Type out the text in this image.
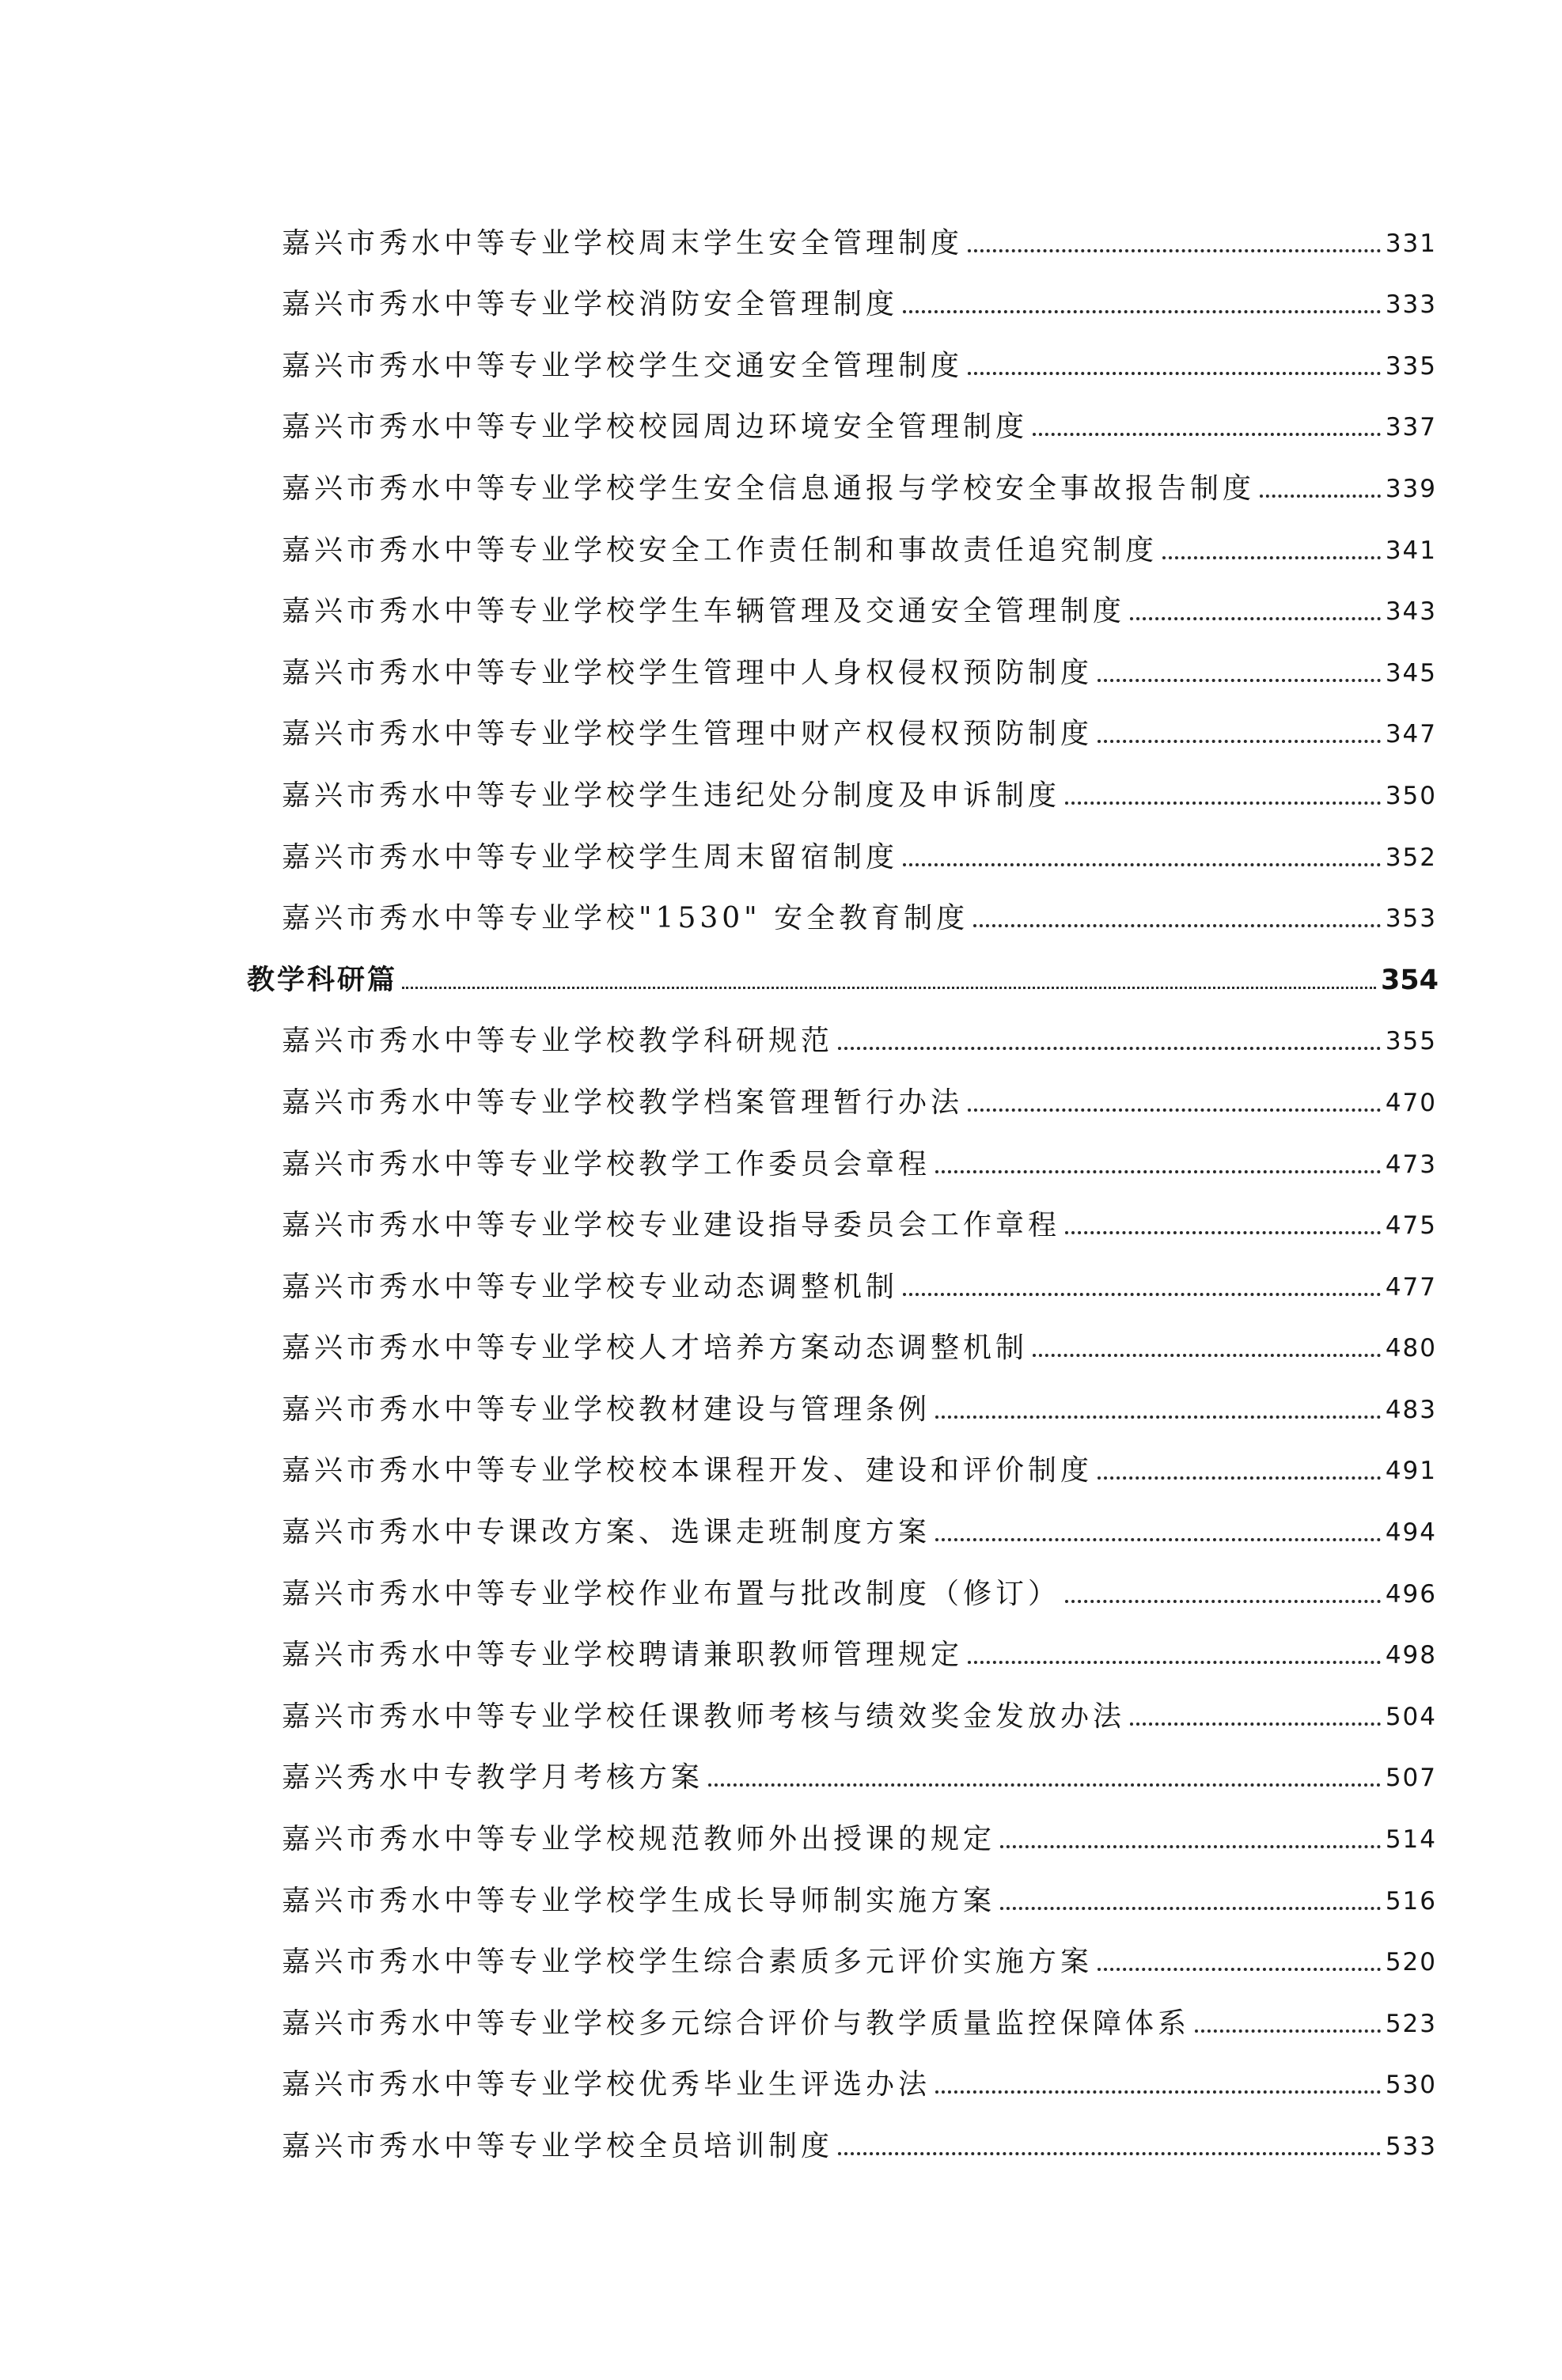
嘉兴市秀水中等专业学校周末学生安全管理制度	331
嘉兴市秀水中等专业学校消防安全管理制度	333
嘉兴市秀水中等专业学校学生交通安全管理制度	335
嘉兴市秀水中等专业学校校园周边环境安全管理制度	337
嘉兴市秀水中等专业学校学生安全信息通报与学校安全事故报告制度	339
嘉兴市秀水中等专业学校安全工作责任制和事故责任追究制度	341
嘉兴市秀水中等专业学校学生车辆管理及交通安全管理制度	343
嘉兴市秀水中等专业学校学生管理中人身权侵权预防制度	345
嘉兴市秀水中等专业学校学生管理中财产权侵权预防制度	347
嘉兴市秀水中等专业学校学生违纪处分制度及申诉制度	350
嘉兴市秀水中等专业学校学生周末留宿制度	352
嘉兴市秀水中等专业学校"1530" 安全教育制度	353
教学科研篇	354
嘉兴市秀水中等专业学校教学科研规范	355
嘉兴市秀水中等专业学校教学档案管理暂行办法	470
嘉兴市秀水中等专业学校教学工作委员会章程	473
嘉兴市秀水中等专业学校专业建设指导委员会工作章程	475
嘉兴市秀水中等专业学校专业动态调整机制	477
嘉兴市秀水中等专业学校人才培养方案动态调整机制	480
嘉兴市秀水中等专业学校教材建设与管理条例	483
嘉兴市秀水中等专业学校校本课程开发、建设和评价制度	491
嘉兴市秀水中专课改方案、选课走班制度方案	494
嘉兴市秀水中等专业学校作业布置与批改制度（修订）	496
嘉兴市秀水中等专业学校聘请兼职教师管理规定	498
嘉兴市秀水中等专业学校任课教师考核与绩效奖金发放办法	504
嘉兴秀水中专教学月考核方案	507
嘉兴市秀水中等专业学校规范教师外出授课的规定	514
嘉兴市秀水中等专业学校学生成长导师制实施方案	516
嘉兴市秀水中等专业学校学生综合素质多元评价实施方案	520
嘉兴市秀水中等专业学校多元综合评价与教学质量监控保障体系	523
嘉兴市秀水中等专业学校优秀毕业生评选办法	530
嘉兴市秀水中等专业学校全员培训制度	533
